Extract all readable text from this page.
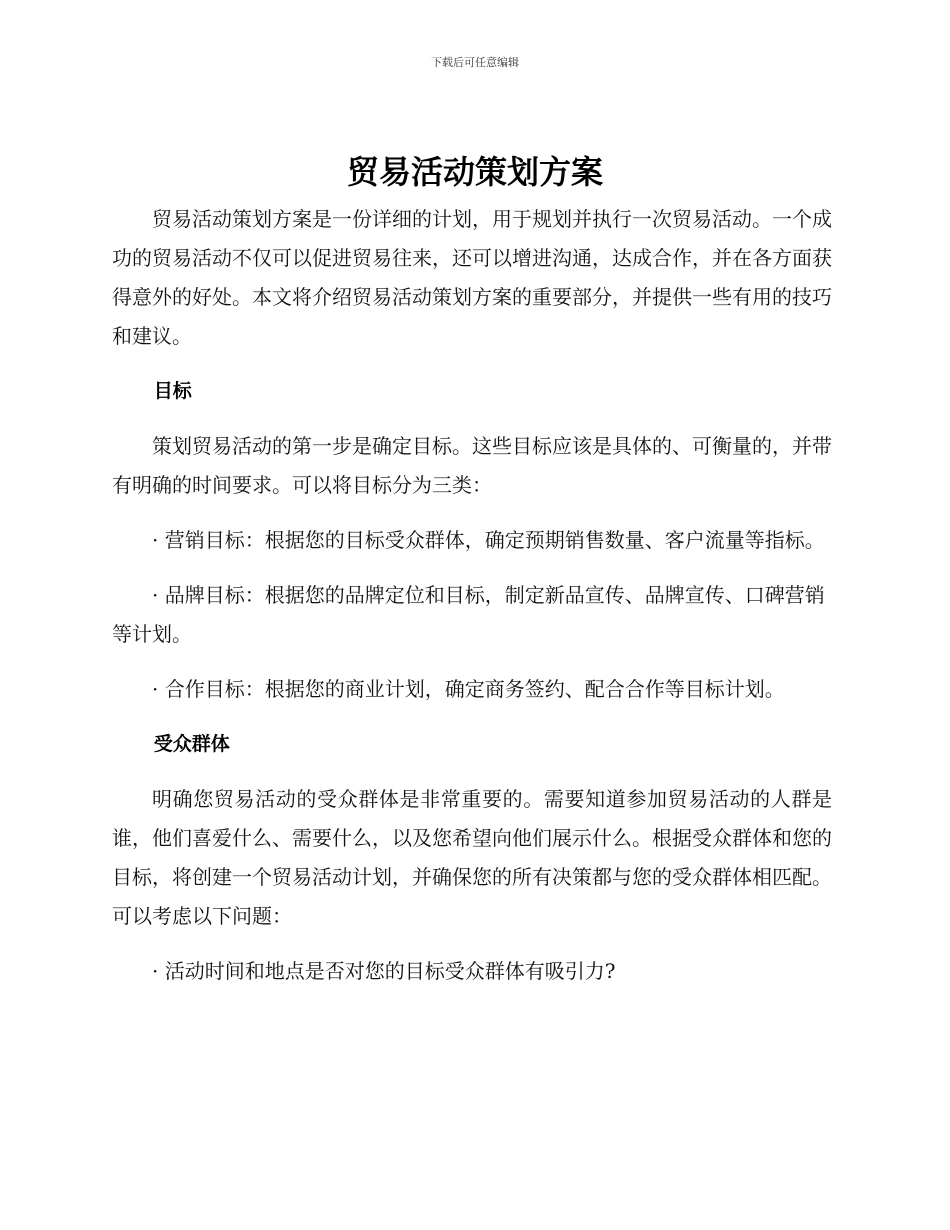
下载后可任意编辑
贸易活动策划方案

贸易活动策划方案是一份详细的计划，用于规划并执行一次贸易活动。一个成功的贸易活动不仅可以促进贸易往来，还可以增进沟通，达成合作，并在各方面获得意外的好处。本文将介绍贸易活动策划方案的重要部分，并提供一些有用的技巧和建议。

目标

策划贸易活动的第一步是确定目标。这些目标应该是具体的、可衡量的，并带有明确的时间要求。可以将目标分为三类：

· 营销目标：根据您的目标受众群体，确定预期销售数量、客户流量等指标。

· 品牌目标：根据您的品牌定位和目标，制定新品宣传、品牌宣传、口碑营销等计划。

· 合作目标：根据您的商业计划，确定商务签约、配合合作等目标计划。

受众群体

明确您贸易活动的受众群体是非常重要的。需要知道参加贸易活动的人群是谁，他们喜爱什么、需要什么，以及您希望向他们展示什么。根据受众群体和您的目标，将创建一个贸易活动计划，并确保您的所有决策都与您的受众群体相匹配。可以考虑以下问题：

· 活动时间和地点是否对您的目标受众群体有吸引力?
